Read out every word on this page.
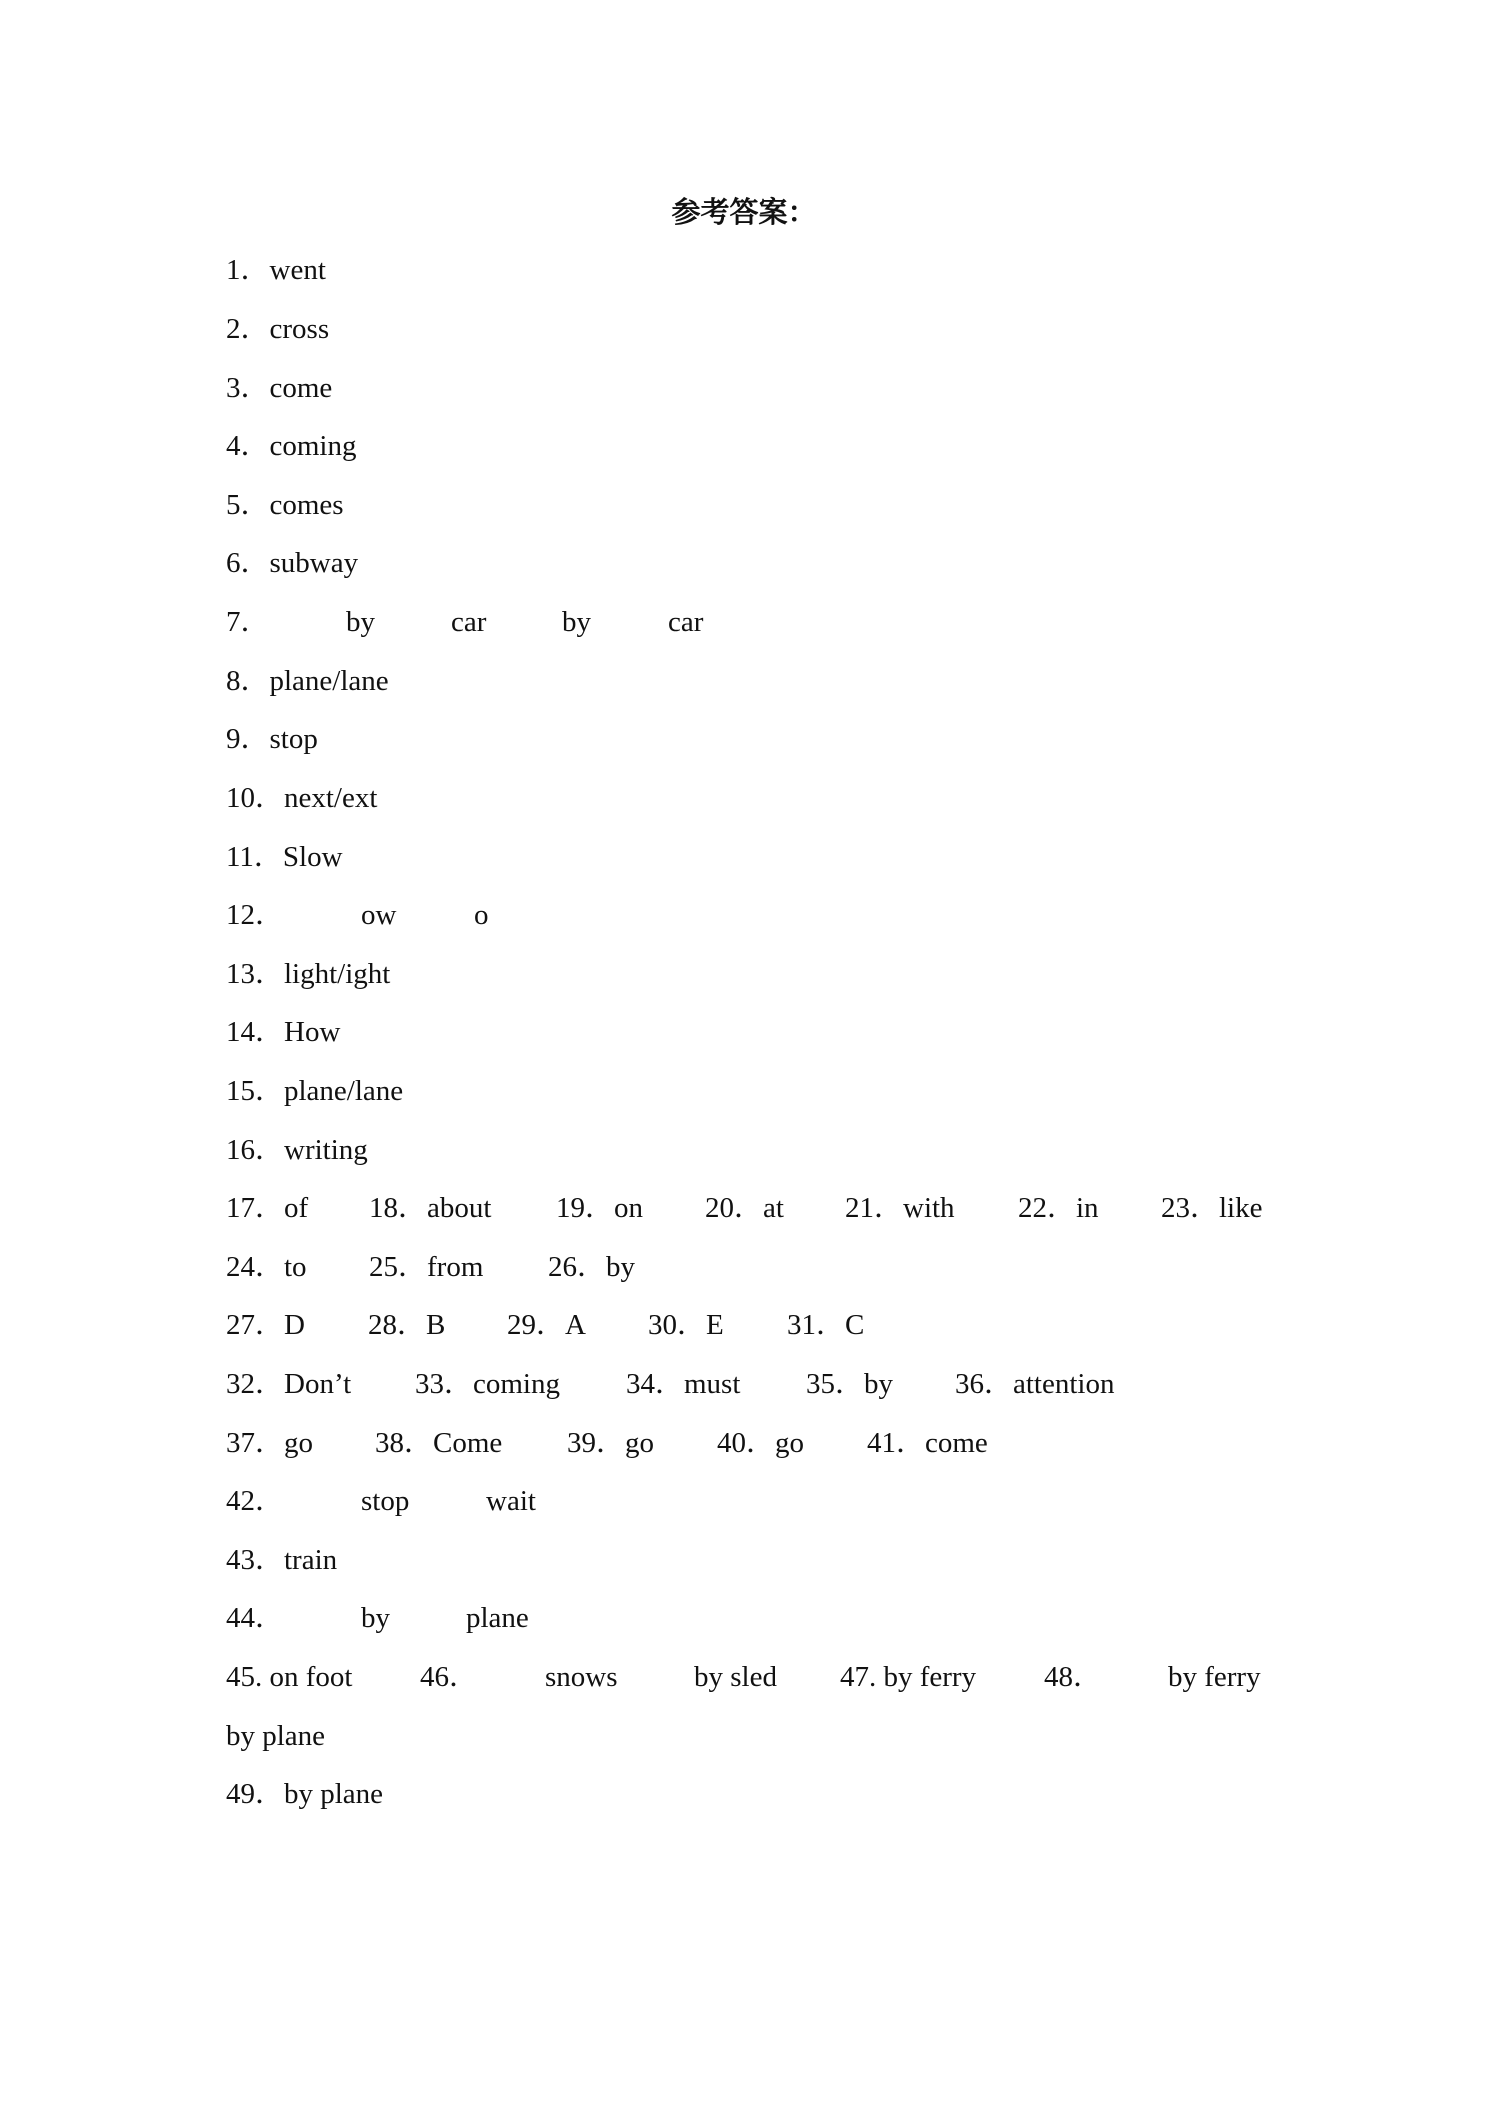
参考答案：
1．went
2．cross
3．come
4．coming
5．comes
6．subway
7．	by	car	by	car
8．plane/lane
9．stop
10．next/ext
11．Slow
12．	ow	o
13．light/ight
14．How
15．plane/lane
16．writing
17．of 18．about 19．on 20．at 21．with 22．in 23．like
24．to 25．from 26．by
27．D 28．B 29．A 30．E 31．C
32．Don’t 33．coming 34．must 35．by 36．attention
37．go 38．Come 39．go 40．go 41．come
42．	stop	wait
43．train
44．	by	plane
45. on foot 46． snows	by sled 47. by ferry 48． by ferry
by plane
49．by plane
